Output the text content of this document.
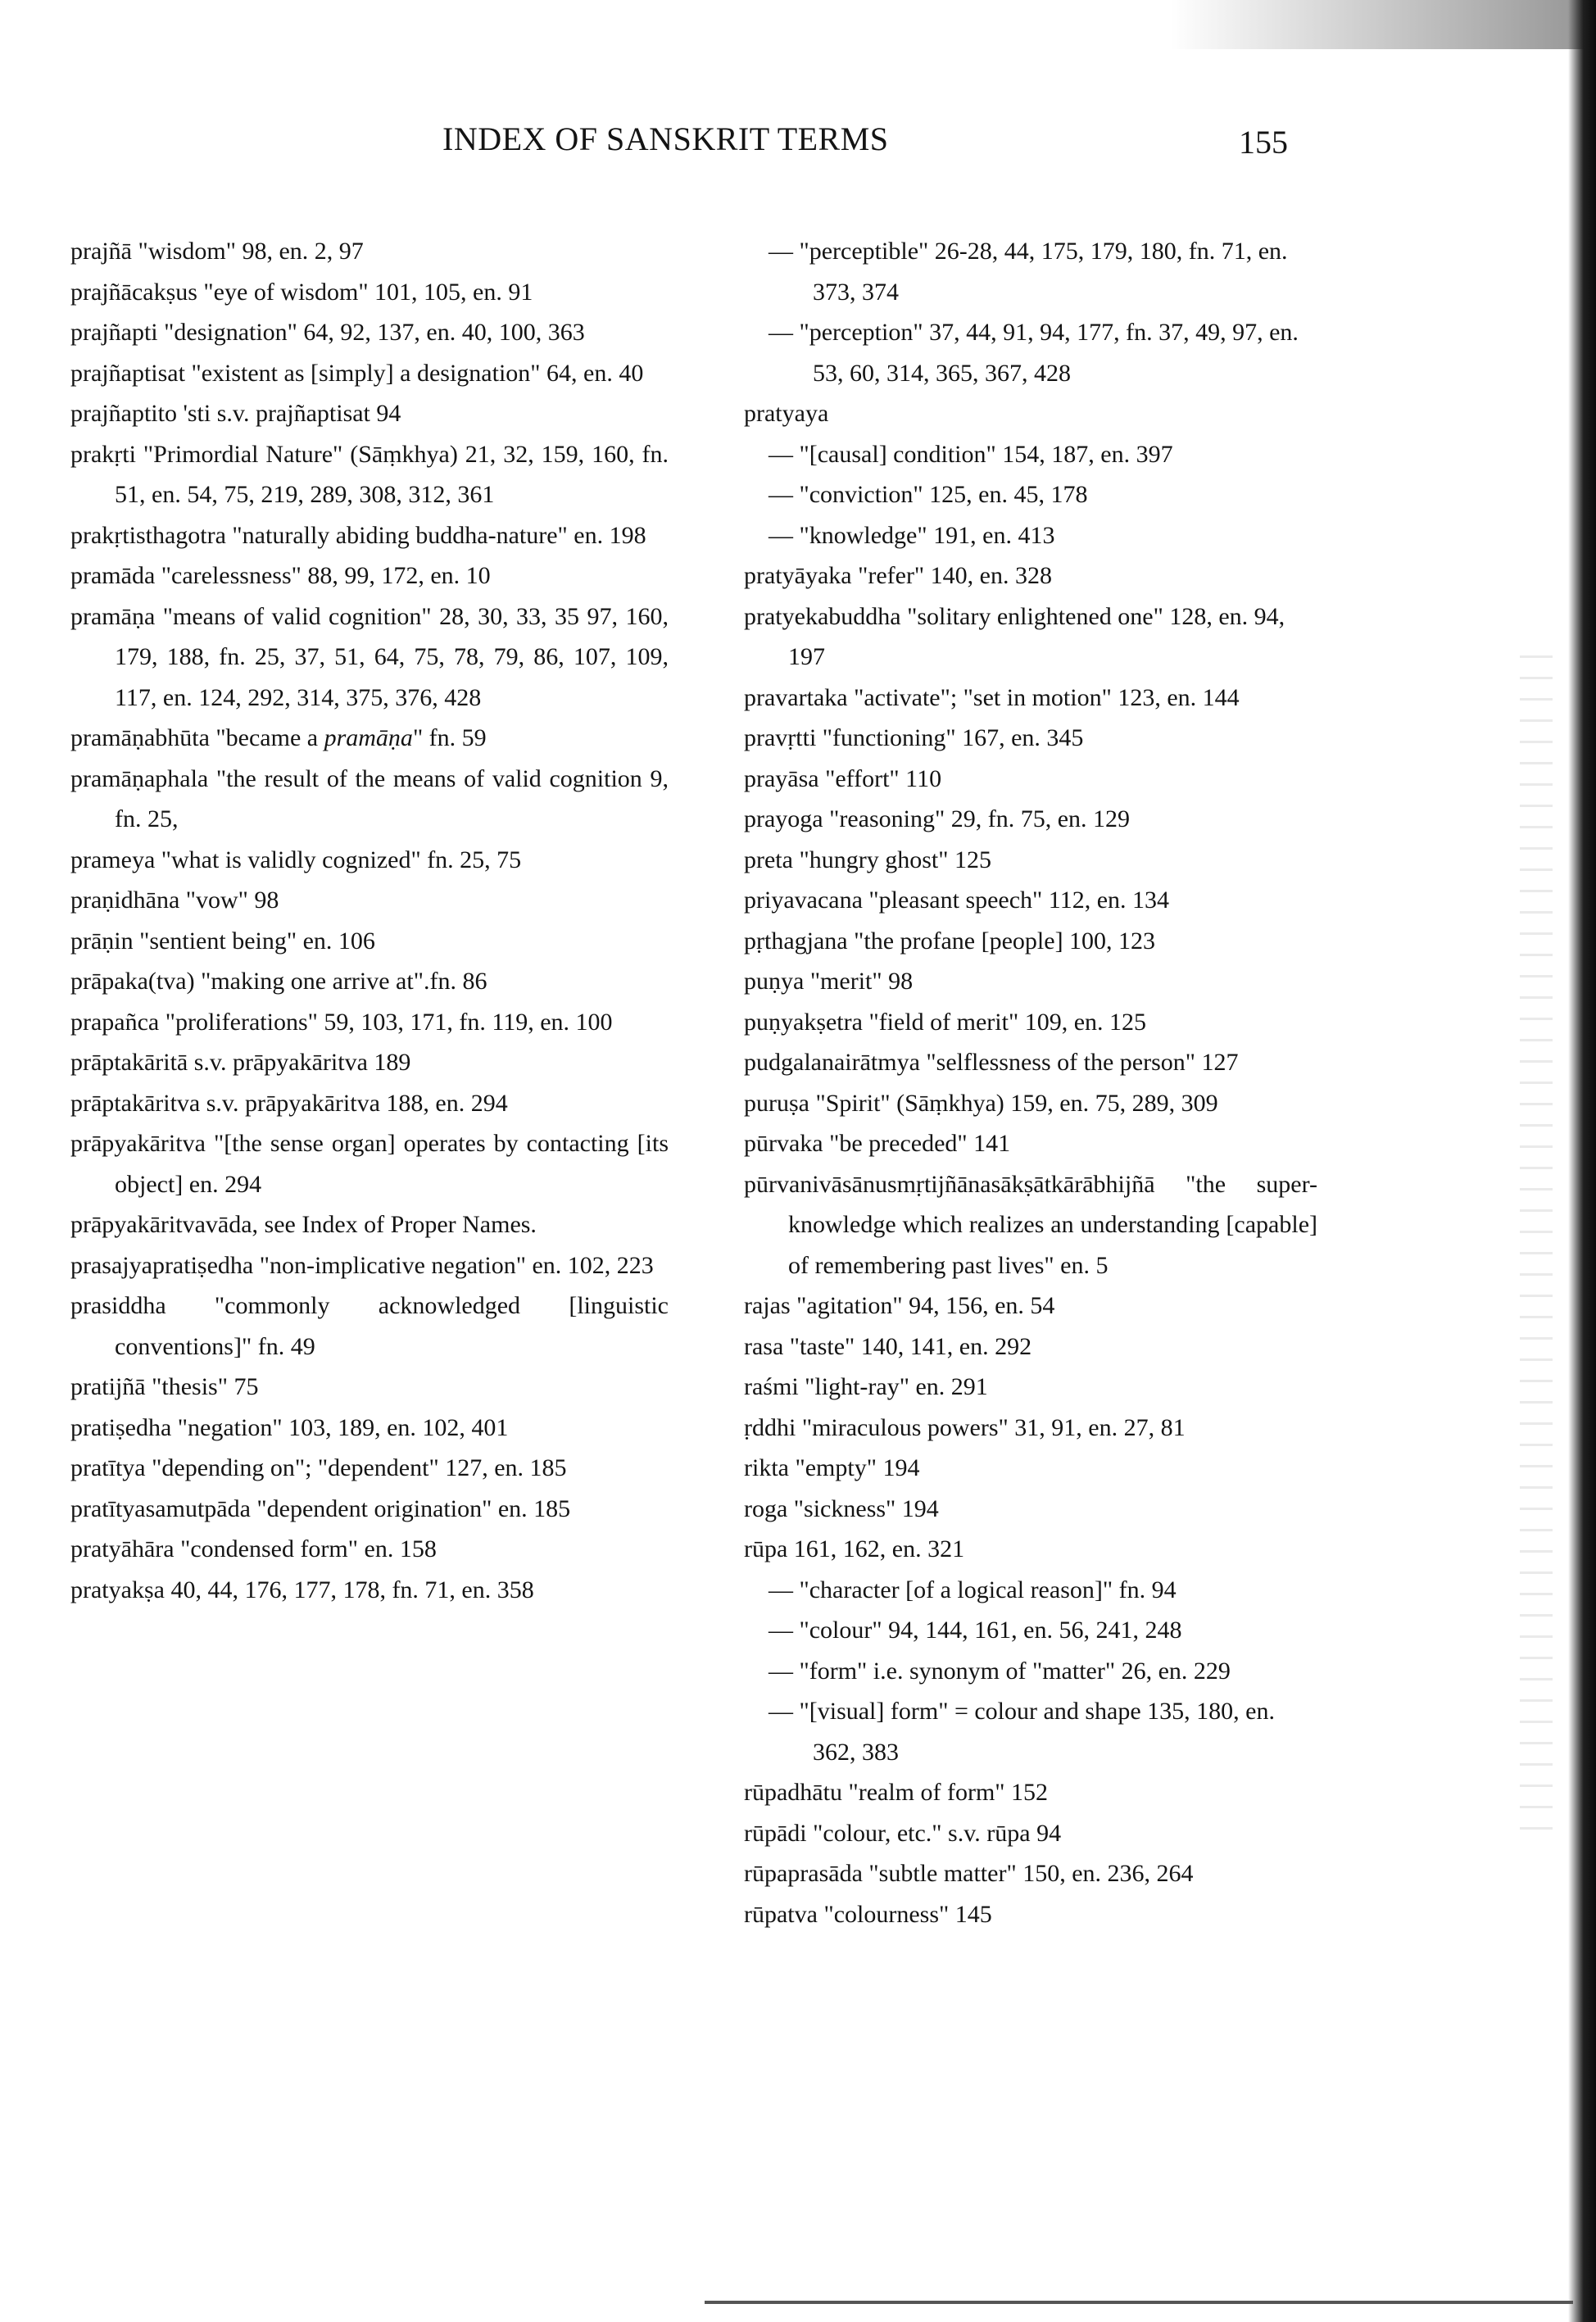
INDEX OF SANSKRIT TERMS	155
prajñā "wisdom" 98, en. 2, 97
prajñācakṣus "eye of wisdom" 101, 105, en. 91
prajñapti "designation" 64, 92, 137, en. 40, 100, 363
prajñaptisat "existent as [simply] a designation" 64, en. 40
prajñaptito 'sti s.v. prajñaptisat 94
prakṛti "Primordial Nature" (Sāṃkhya) 21, 32, 159, 160, fn. 51, en. 54, 75, 219, 289, 308, 312, 361
prakṛtisthagotra "naturally abiding buddha-nature" en. 198
pramāda "carelessness" 88, 99, 172, en. 10
pramāṇa "means of valid cognition" 28, 30, 33, 35 97, 160, 179, 188, fn. 25, 37, 51, 64, 75, 78, 79, 86, 107, 109, 117, en. 124, 292, 314, 375, 376, 428
pramāṇabhūta "became a pramāṇa" fn. 59
pramāṇaphala "the result of the means of valid cognition 9, fn. 25,
prameya "what is validly cognized" fn. 25, 75
praṇidhāna "vow" 98
prāṇin "sentient being" en. 106
prāpaka(tva) "making one arrive at".fn. 86
prapañca "proliferations" 59, 103, 171, fn. 119, en. 100
prāptakāritā s.v. prāpyakāritva 189
prāptakāritva s.v. prāpyakāritva 188, en. 294
prāpyakāritva "[the sense organ] operates by contacting [its object] en. 294
prāpyakāritvavāda, see Index of Proper Names.
prasajyapratiṣedha "non-implicative negation" en. 102, 223
prasiddha "commonly acknowledged [linguistic conventions]" fn. 49
pratijñā "thesis" 75
pratiṣedha "negation" 103, 189, en. 102, 401
pratītya "depending on"; "dependent" 127, en. 185
pratītyasamutpāda "dependent origination" en. 185
pratyāhāra "condensed form" en. 158
pratyakṣa 40, 44, 176, 177, 178, fn. 71, en. 358
— "perceptible" 26-28, 44, 175, 179, 180, fn. 71, en. 373, 374
— "perception" 37, 44, 91, 94, 177, fn. 37, 49, 97, en. 53, 60, 314, 365, 367, 428
pratyaya
— "[causal] condition" 154, 187, en. 397
— "conviction" 125, en. 45, 178
— "knowledge" 191, en. 413
pratyāyaka "refer" 140, en. 328
pratyekabuddha "solitary enlightened one" 128, en. 94, 197
pravartaka "activate"; "set in motion" 123, en. 144
pravṛtti "functioning" 167, en. 345
prayāsa "effort" 110
prayoga "reasoning" 29, fn. 75, en. 129
preta "hungry ghost" 125
priyavacana "pleasant speech" 112, en. 134
pṛthagjana "the profane [people] 100, 123
puṇya "merit" 98
puṇyakṣetra "field of merit" 109, en. 125
pudgalanairātmya "selflessness of the person" 127
puruṣa "Spirit" (Sāṃkhya) 159, en. 75, 289, 309
pūrvaka "be preceded" 141
pūrvanivāsānusmṛtijñānasākṣātkārābhijñā "the super-knowledge which realizes an understanding [capable] of remembering past lives" en. 5
rajas "agitation" 94, 156, en. 54
rasa "taste" 140, 141, en. 292
raśmi "light-ray" en. 291
ṛddhi "miraculous powers" 31, 91, en. 27, 81
rikta "empty" 194
roga "sickness" 194
rūpa 161, 162, en. 321
— "character [of a logical reason]" fn. 94
— "colour" 94, 144, 161, en. 56, 241, 248
— "form" i.e. synonym of "matter" 26, en. 229
— "[visual] form" = colour and shape 135, 180, en. 362, 383
rūpadhātu "realm of form" 152
rūpādi "colour, etc." s.v. rūpa 94
rūpaprasāda "subtle matter" 150, en. 236, 264
rūpatva "colourness" 145
